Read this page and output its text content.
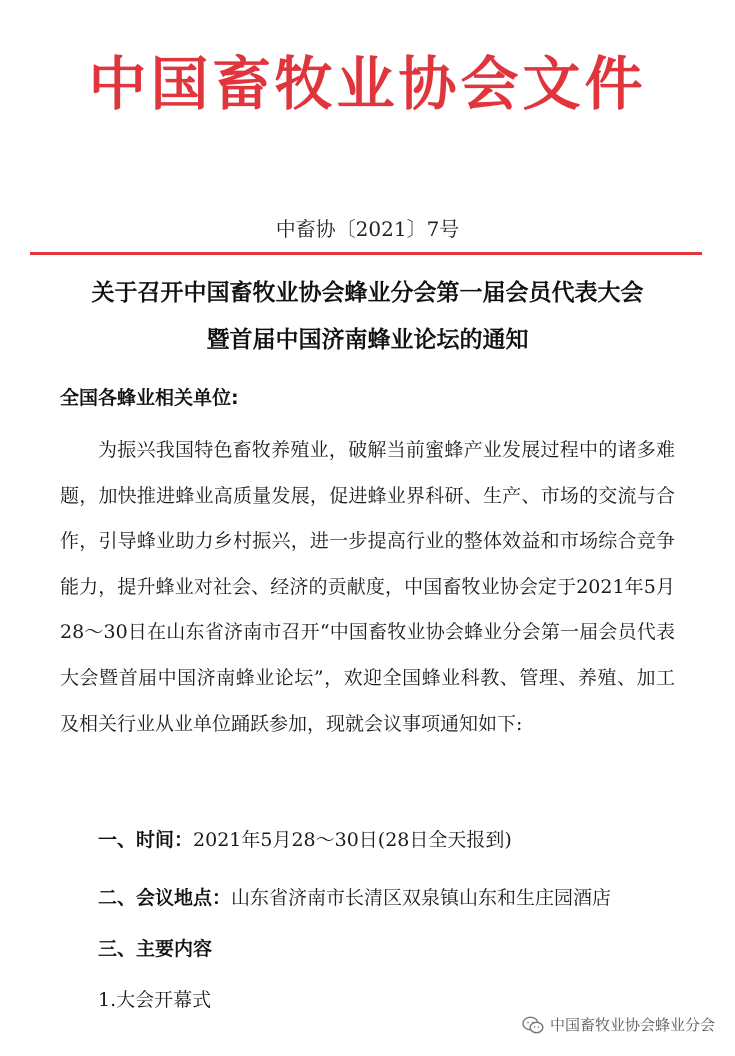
中国畜牧业协会文件
中畜协〔2021〕7号
关于召开中国畜牧业协会蜂业分会第一届会员代表大会
暨首届中国济南蜂业论坛的通知
全国各蜂业相关单位:
为振兴我国特色畜牧养殖业，破解当前蜜蜂产业发展过程中的诸多难题，加快推进蜂业高质量发展，促进蜂业界科研、生产、市场的交流与合作，引导蜂业助力乡村振兴，进一步提高行业的整体效益和市场综合竞争能力，提升蜂业对社会、经济的贡献度，中国畜牧业协会定于2021年5月28～30日在山东省济南市召开“中国畜牧业协会蜂业分会第一届会员代表大会暨首届中国济南蜂业论坛”，欢迎全国蜂业科教、管理、养殖、加工及相关行业从业单位踊跃参加，现就会议事项通知如下:
一、时间：2021年5月28～30日(28日全天报到)
二、会议地点：山东省济南市长清区双泉镇山东和生庄园酒店
三、主要内容
1.大会开幕式
中国畜牧业协会蜂业分会
